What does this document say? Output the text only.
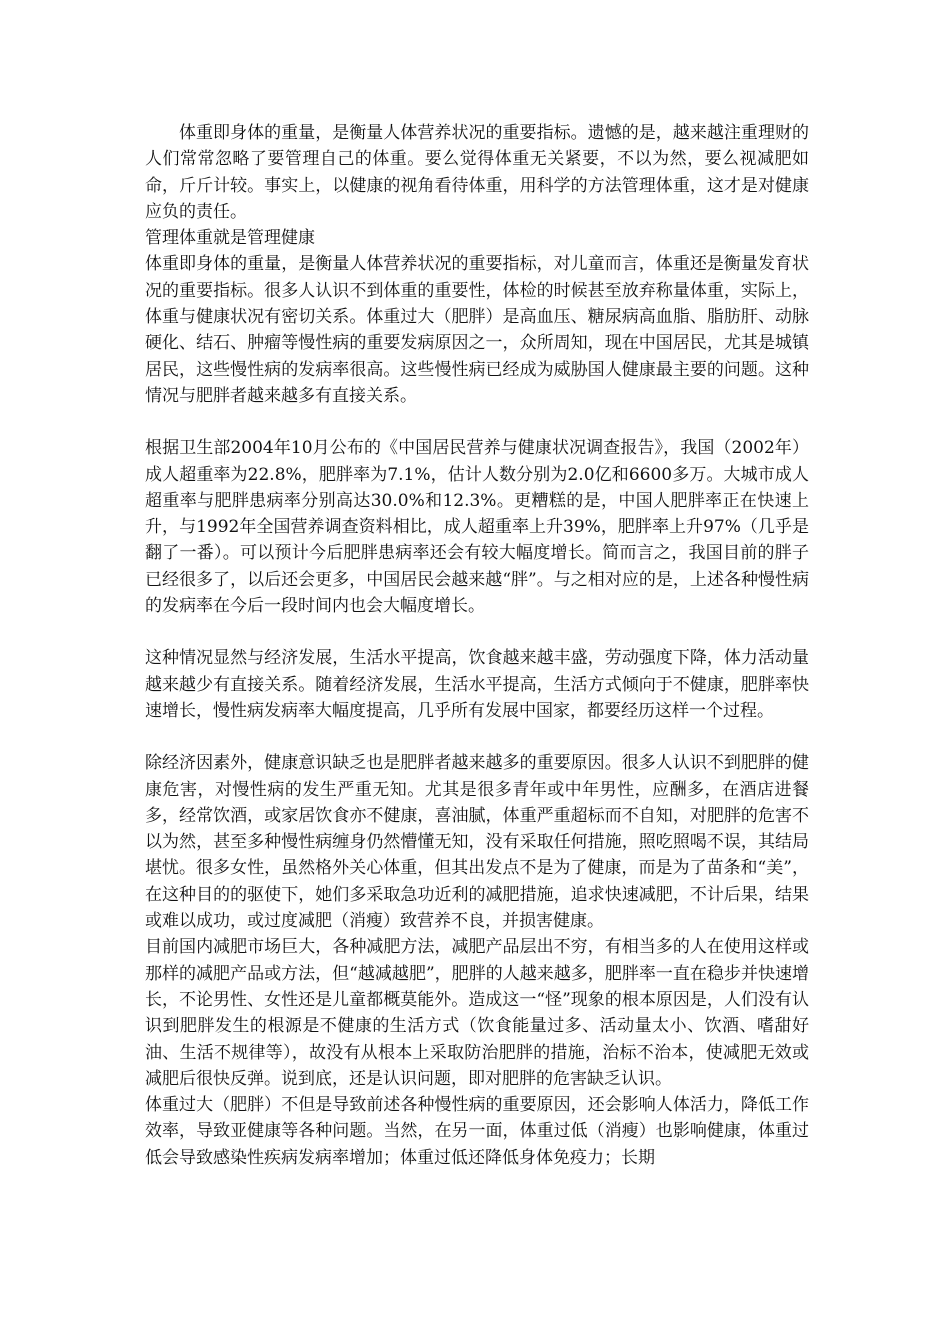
体重即身体的重量，是衡量人体营养状况的重要指标。遗憾的是，越来越注重理财的人们常常忽略了要管理自己的体重。要么觉得体重无关紧要，不以为然，要么视减肥如命，斤斤计较。事实上，以健康的视角看待体重，用科学的方法管理体重，这才是对健康应负的责任。

管理体重就是管理健康

体重即身体的重量，是衡量人体营养状况的重要指标，对儿童而言，体重还是衡量发育状况的重要指标。很多人认识不到体重的重要性，体检的时候甚至放弃称量体重，实际上，体重与健康状况有密切关系。体重过大（肥胖）是高血压、糖尿病高血脂、脂肪肝、动脉硬化、结石、肿瘤等慢性病的重要发病原因之一，众所周知，现在中国居民，尤其是城镇居民，这些慢性病的发病率很高。这些慢性病已经成为威胁国人健康最主要的问题。这种情况与肥胖者越来越多有直接关系。

根据卫生部2004年10月公布的《中国居民营养与健康状况调查报告》，我国（2002年）成人超重率为22.8%，肥胖率为7.1%，估计人数分别为2.0亿和6600多万。大城市成人超重率与肥胖患病率分别高达30.0%和12.3%。更糟糕的是，中国人肥胖率正在快速上升，与1992年全国营养调查资料相比，成人超重率上升39%，肥胖率上升97%（几乎是翻了一番）。可以预计今后肥胖患病率还会有较大幅度增长。简而言之，我国目前的胖子已经很多了，以后还会更多，中国居民会越来越“胖”。与之相对应的是，上述各种慢性病的发病率在今后一段时间内也会大幅度增长。

这种情况显然与经济发展，生活水平提高，饮食越来越丰盛，劳动强度下降，体力活动量越来越少有直接关系。随着经济发展，生活水平提高，生活方式倾向于不健康，肥胖率快速增长，慢性病发病率大幅度提高，几乎所有发展中国家，都要经历这样一个过程。

除经济因素外，健康意识缺乏也是肥胖者越来越多的重要原因。很多人认识不到肥胖的健康危害，对慢性病的发生严重无知。尤其是很多青年或中年男性，应酬多，在酒店进餐多，经常饮酒，或家居饮食亦不健康，喜油腻，体重严重超标而不自知，对肥胖的危害不以为然，甚至多种慢性病缠身仍然懵懂无知，没有采取任何措施，照吃照喝不误，其结局堪忧。很多女性，虽然格外关心体重，但其出发点不是为了健康，而是为了苗条和“美”，在这种目的的驱使下，她们多采取急功近利的减肥措施，追求快速减肥，不计后果，结果或难以成功，或过度减肥（消瘦）致营养不良，并损害健康。

目前国内减肥市场巨大，各种减肥方法，减肥产品层出不穷，有相当多的人在使用这样或那样的减肥产品或方法，但“越减越肥”，肥胖的人越来越多，肥胖率一直在稳步并快速增长，不论男性、女性还是儿童都概莫能外。造成这一“怪”现象的根本原因是，人们没有认识到肥胖发生的根源是不健康的生活方式（饮食能量过多、活动量太小、饮酒、嗜甜好油、生活不规律等），故没有从根本上采取防治肥胖的措施，治标不治本，使减肥无效或减肥后很快反弹。说到底，还是认识问题，即对肥胖的危害缺乏认识。

体重过大（肥胖）不但是导致前述各种慢性病的重要原因，还会影响人体活力，降低工作效率，导致亚健康等各种问题。当然，在另一面，体重过低（消瘦）也影响健康，体重过低会导致感染性疾病发病率增加；体重过低还降低身体免疫力；长期
